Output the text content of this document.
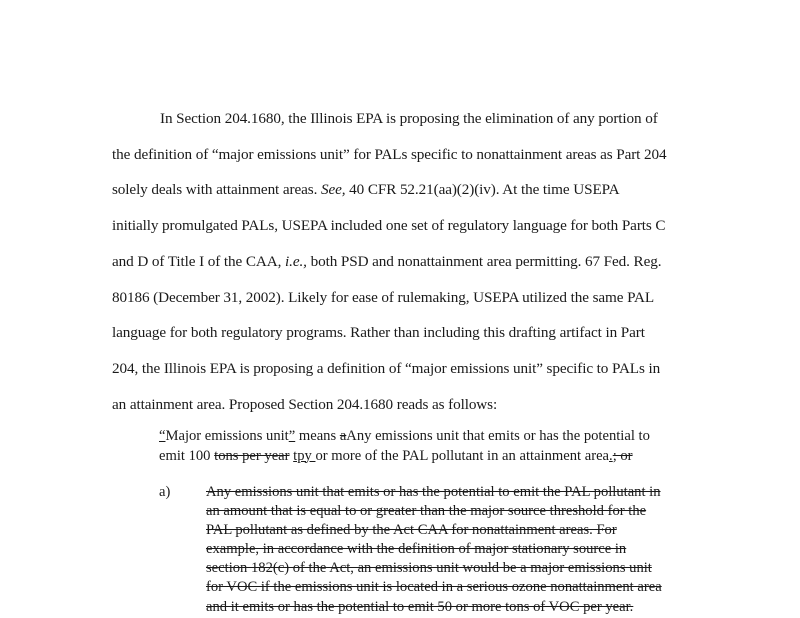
In Section 204.1680, the Illinois EPA is proposing the elimination of any portion of
the definition of “major emissions unit” for PALs specific to nonattainment areas as Part 204
solely deals with attainment areas. See, 40 CFR 52.21(aa)(2)(iv). At the time USEPA
initially promulgated PALs, USEPA included one set of regulatory language for both Parts C
and D of Title I of the CAA, i.e., both PSD and nonattainment area permitting. 67 Fed. Reg.
80186 (December 31, 2002). Likely for ease of rulemaking, USEPA utilized the same PAL
language for both regulatory programs. Rather than including this drafting artifact in Part
204, the Illinois EPA is proposing a definition of “major emissions unit” specific to PALs in
an attainment area. Proposed Section 204.1680 reads as follows:

“Major emissions unit” means aAny emissions unit that emits or has the potential to
emit 100 tons per year tpy or more of the PAL pollutant in an attainment area.; or
a) Any emissions unit that emits or has the potential to emit the PAL pollutant in
an amount that is equal to or greater than the major source threshold for the
PAL pollutant as defined by the Act CAA for nonattainment areas. For
example, in accordance with the definition of major stationary source in
section 182(c) of the Act, an emissions unit would be a major emissions unit
for VOC if the emissions unit is located in a serious ozone nonattainment area
and it emits or has the potential to emit 50 or more tons of VOC per year.
